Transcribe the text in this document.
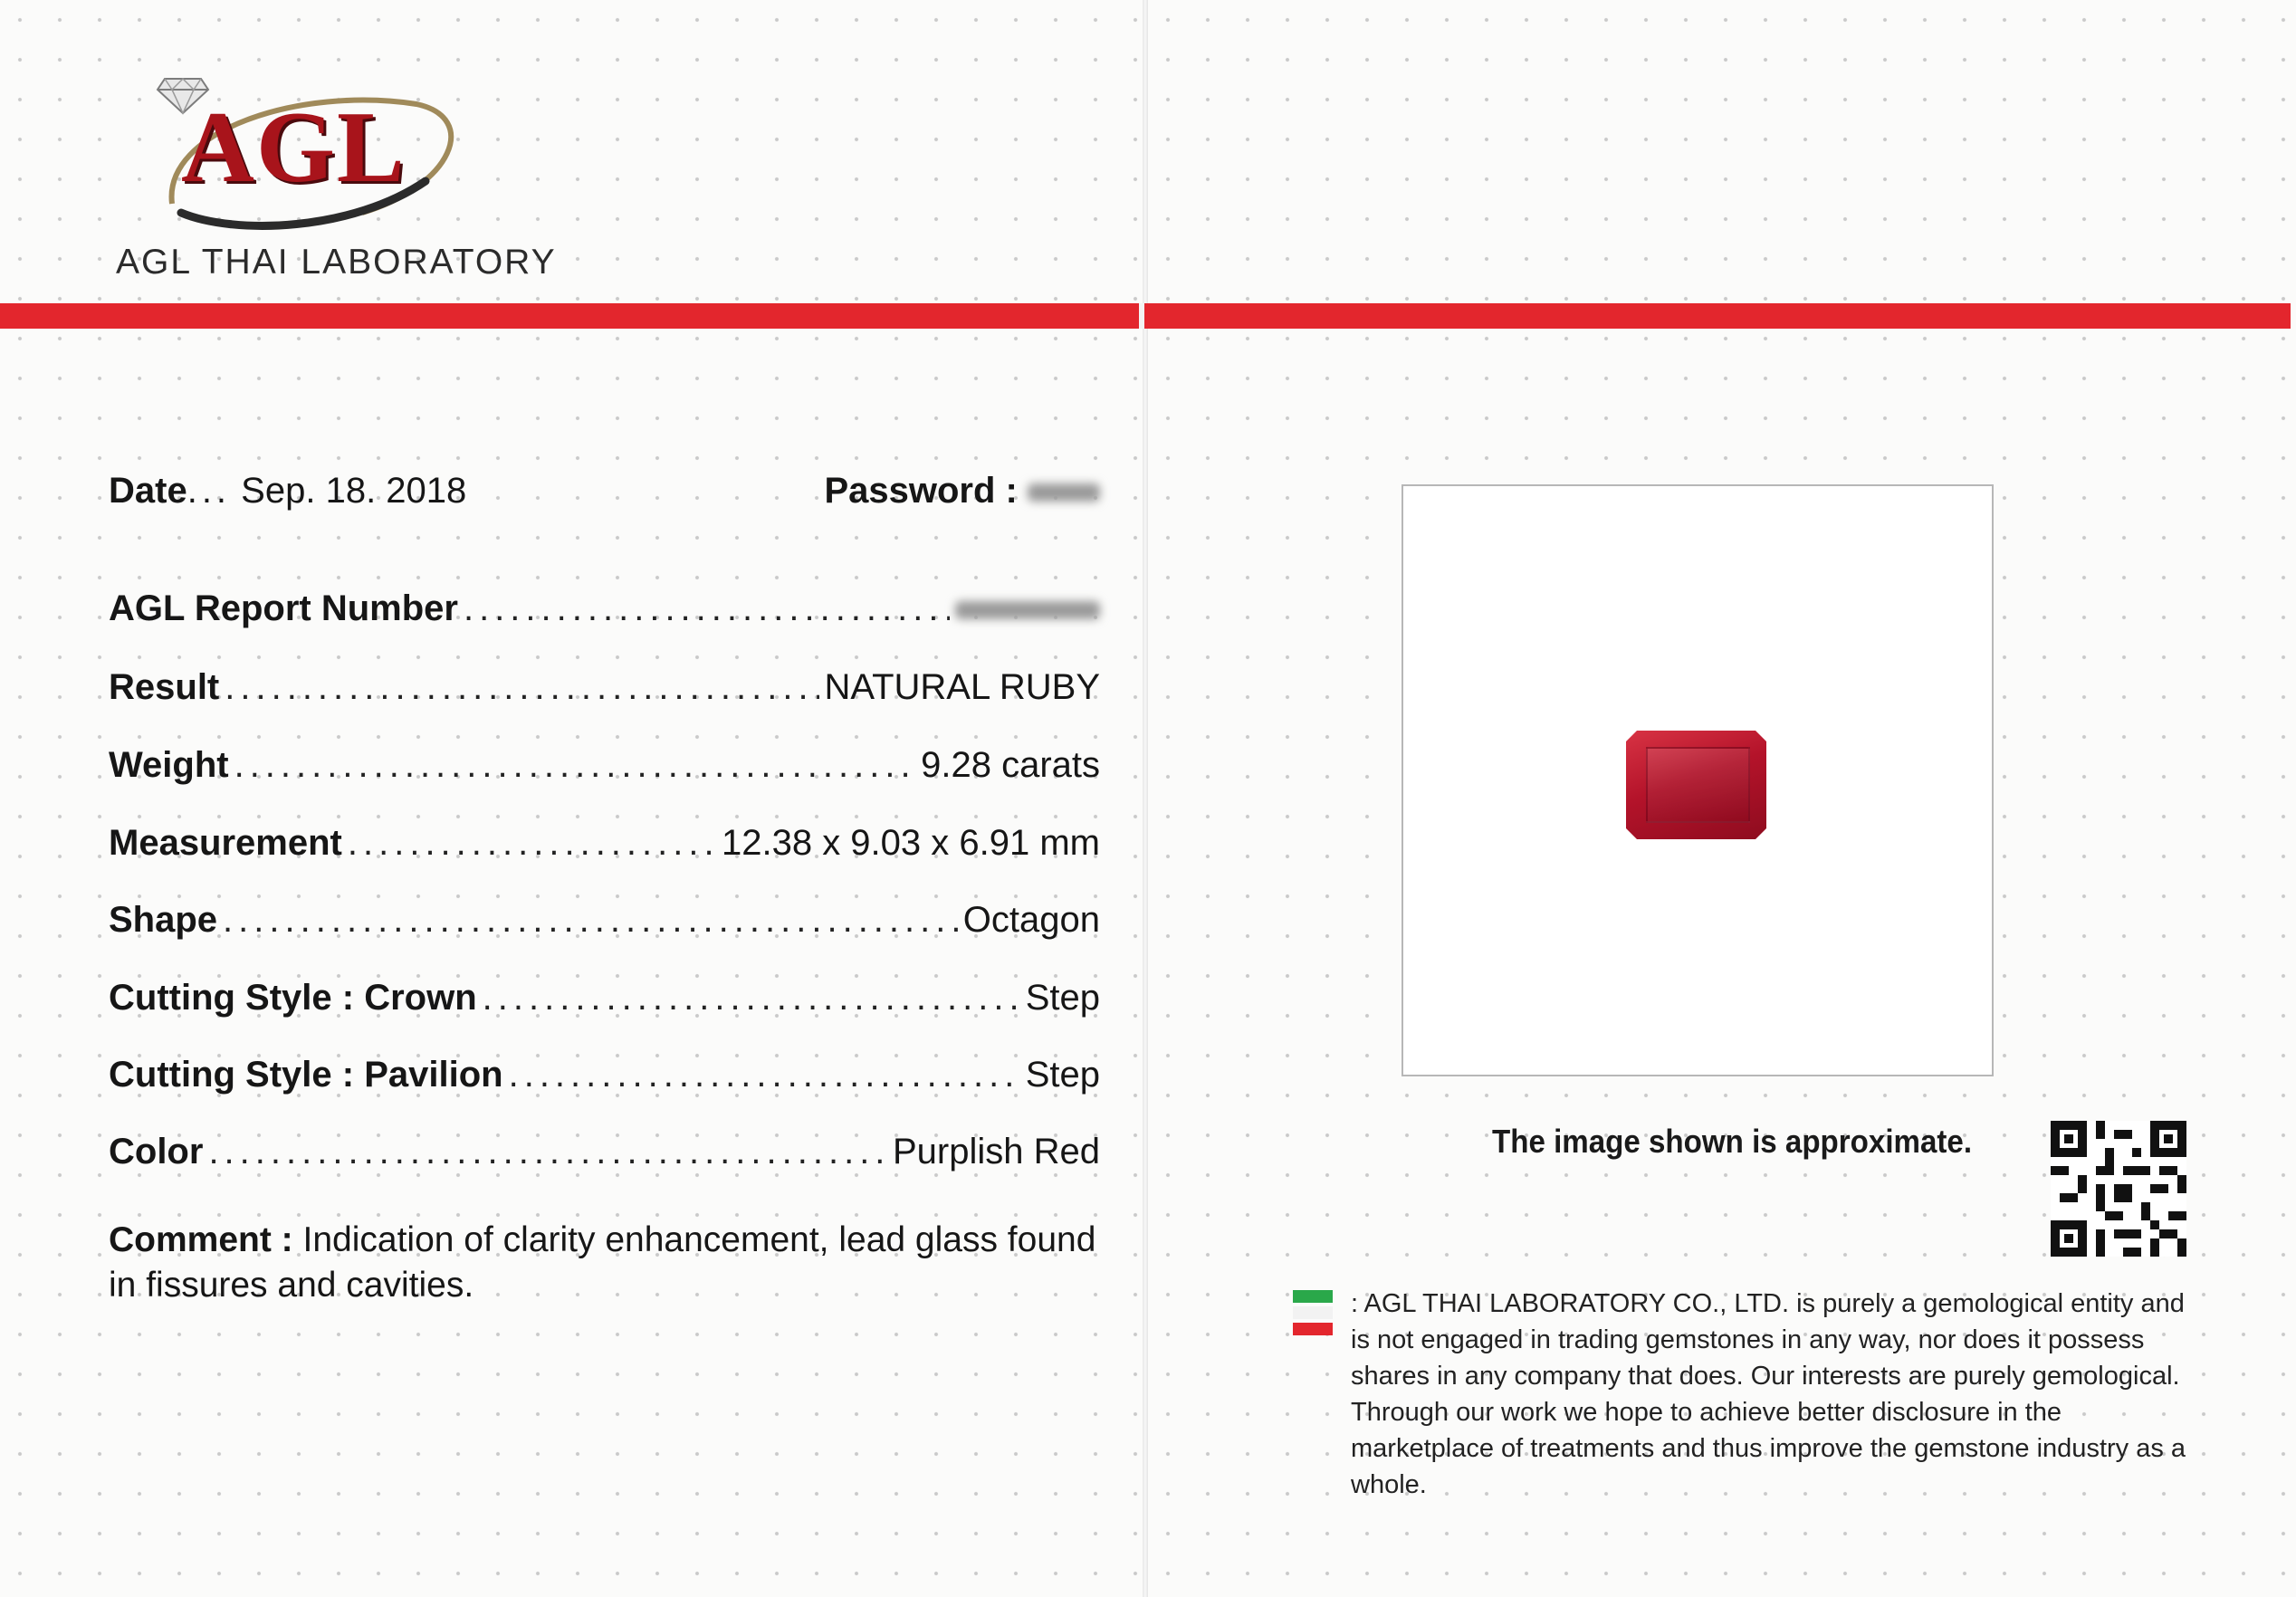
AGL
AGL THAI LABORATORY
Date... Sep. 18. 2018	Password :
AGL Report Number
.....
Result .....	NATURAL RUBY
Weight .....	9.28 carats
Measurement .....	12.38 x 9.03 x 6.91 mm
Shape .....	Octagon
Cutting Style : Crown .....	Step
Cutting Style : Pavilion .....	Step
Color .....	Purplish Red
Comment : Indication of clarity enhancement, lead glass found in fissures and cavities.
The image shown is approximate.
: AGL THAI LABORATORY CO., LTD. is purely a gemological entity and is not engaged in trading gemstones in any way, nor does it possess shares in any company that does. Our interests are purely gemological. Through our work we hope to achieve better disclosure in the marketplace of treatments and thus improve the gemstone industry as a whole.
